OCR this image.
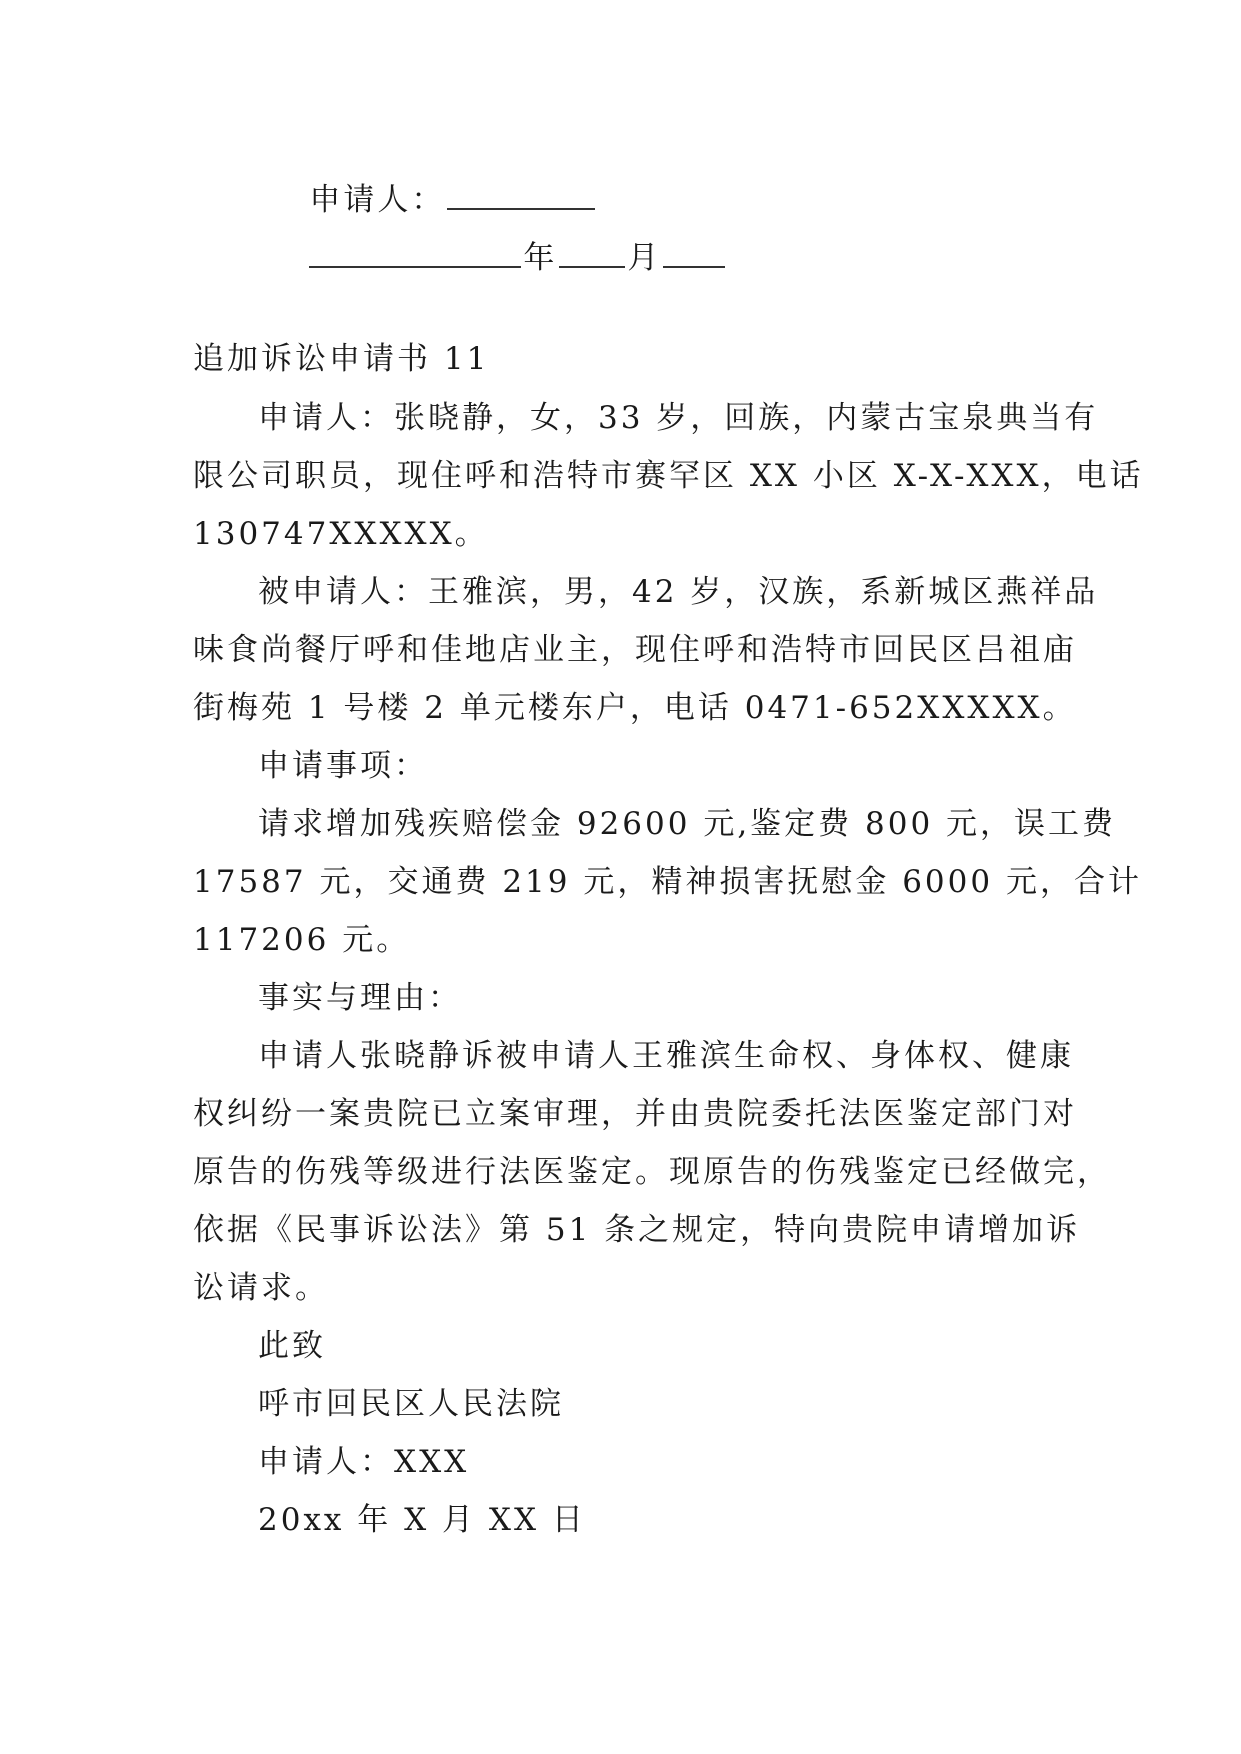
申请人：

年 月

追加诉讼申请书 11
申请人：张晓静，女，33 岁，回族，内蒙古宝泉典当有
限公司职员，现住呼和浩特市赛罕区 XX 小区 X-X-XXX，电话
130747XXXXX。
被申请人：王雅滨，男，42 岁，汉族，系新城区燕祥品
味食尚餐厅呼和佳地店业主，现住呼和浩特市回民区吕祖庙
街梅苑 1 号楼 2 单元楼东户，电话 0471-652XXXXX。
申请事项：
请求增加残疾赔偿金 92600 元,鉴定费 800 元，误工费
17587 元，交通费 219 元，精神损害抚慰金 6000 元，合计
117206 元。
事实与理由：
申请人张晓静诉被申请人王雅滨生命权、身体权、健康
权纠纷一案贵院已立案审理，并由贵院委托法医鉴定部门对
原告的伤残等级进行法医鉴定。现原告的伤残鉴定已经做完，
依据《民事诉讼法》第 51 条之规定，特向贵院申请增加诉
讼请求。
此致
呼市回民区人民法院
申请人：XXX
20xx 年 X 月 XX 日
